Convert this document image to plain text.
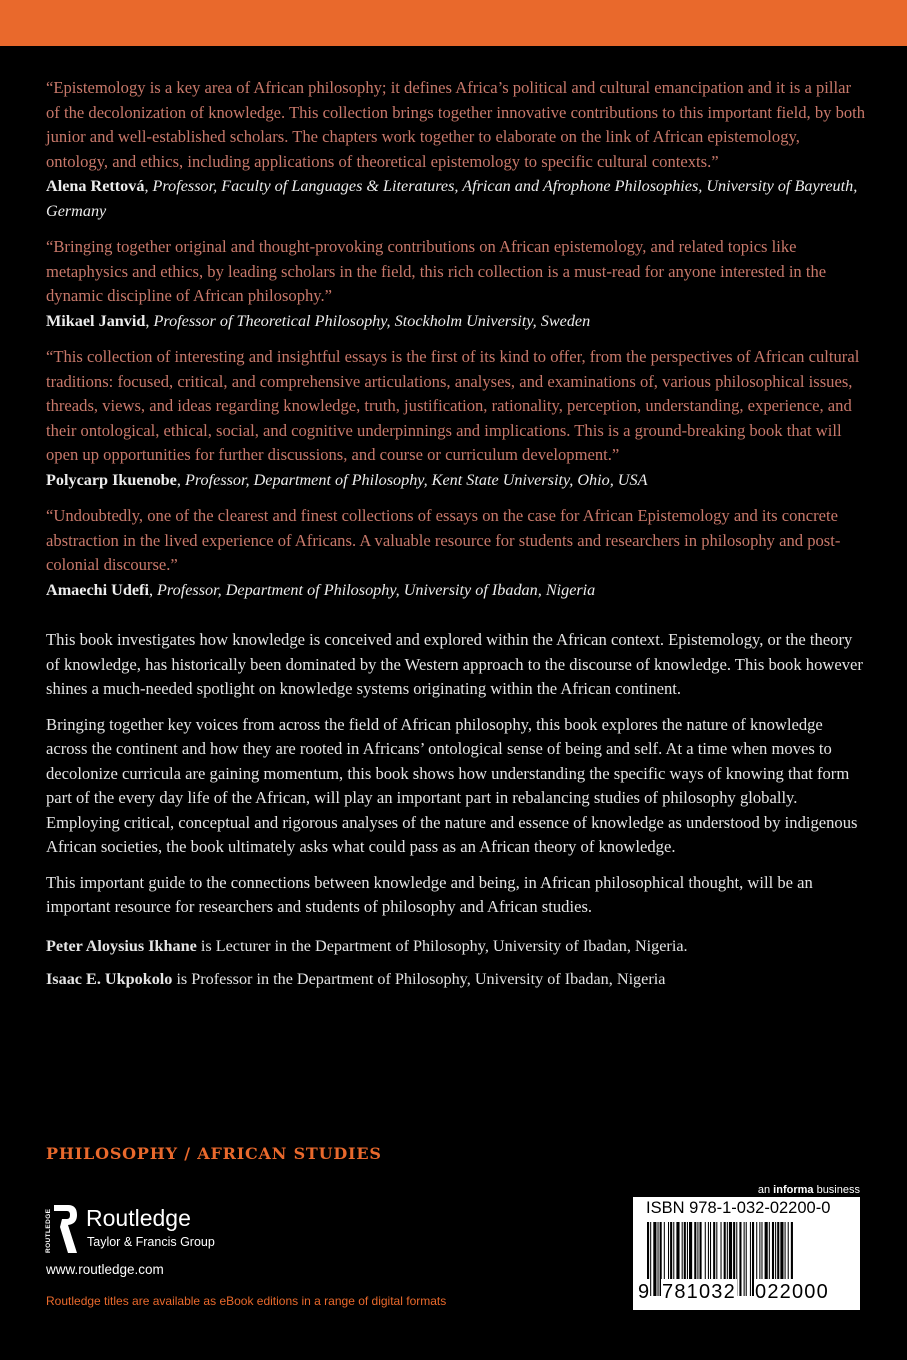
“Epistemology is a key area of African philosophy; it defines Africa’s political and cultural emancipation and it is a pillar of the decolonization of knowledge. This collection brings together innovative contributions to this important field, by both junior and well-established scholars. The chapters work together to elaborate on the link of African epistemology, ontology, and ethics, including applications of theoretical epistemology to specific cultural contexts.”

Alena Rettová, Professor, Faculty of Languages & Literatures, African and Afrophone Philosophies, University of Bayreuth, Germany

“Bringing together original and thought-provoking contributions on African epistemology, and related topics like metaphysics and ethics, by leading scholars in the field, this rich collection is a must-read for anyone interested in the dynamic discipline of African philosophy.”

Mikael Janvid, Professor of Theoretical Philosophy, Stockholm University, Sweden

“This collection of interesting and insightful essays is the first of its kind to offer, from the perspectives of African cultural traditions: focused, critical, and comprehensive articulations, analyses, and examinations of, various philosophical issues, threads, views, and ideas regarding knowledge, truth, justification, rationality, perception, understanding, experience, and their ontological, ethical, social, and cognitive underpinnings and implications. This is a ground-breaking book that will open up opportunities for further discussions, and course or curriculum development.”

Polycarp Ikuenobe, Professor, Department of Philosophy, Kent State University, Ohio, USA

“Undoubtedly, one of the clearest and finest collections of essays on the case for African Epistemology and its concrete abstraction in the lived experience of Africans. A valuable resource for students and researchers in philosophy and post-colonial discourse.”

Amaechi Udefi, Professor, Department of Philosophy, University of Ibadan, Nigeria

This book investigates how knowledge is conceived and explored within the African context. Epistemology, or the theory of knowledge, has historically been dominated by the Western approach to the discourse of knowledge. This book however shines a much-needed spotlight on knowledge systems originating within the African continent.

Bringing together key voices from across the field of African philosophy, this book explores the nature of knowledge across the continent and how they are rooted in Africans’ ontological sense of being and self. At a time when moves to decolonize curricula are gaining momentum, this book shows how understanding the specific ways of knowing that form part of the every day life of the African, will play an important part in rebalancing studies of philosophy globally. Employing critical, conceptual and rigorous analyses of the nature and essence of knowledge as understood by indigenous African societies, the book ultimately asks what could pass as an African theory of knowledge.

This important guide to the connections between knowledge and being, in African philosophical thought, will be an important resource for researchers and students of philosophy and African studies.

Peter Aloysius Ikhane is Lecturer in the Department of Philosophy, University of Ibadan, Nigeria.

Isaac E. Ukpokolo is Professor in the Department of Philosophy, University of Ibadan, Nigeria

PHILOSOPHY / AFRICAN STUDIES
ROUTLEDGE Routledge
Taylor & Francis Group
www.routledge.com
Routledge titles are available as eBook editions in a range of digital formats
an informa business
ISBN 978-1-032-02200-0
9 781032 022000
